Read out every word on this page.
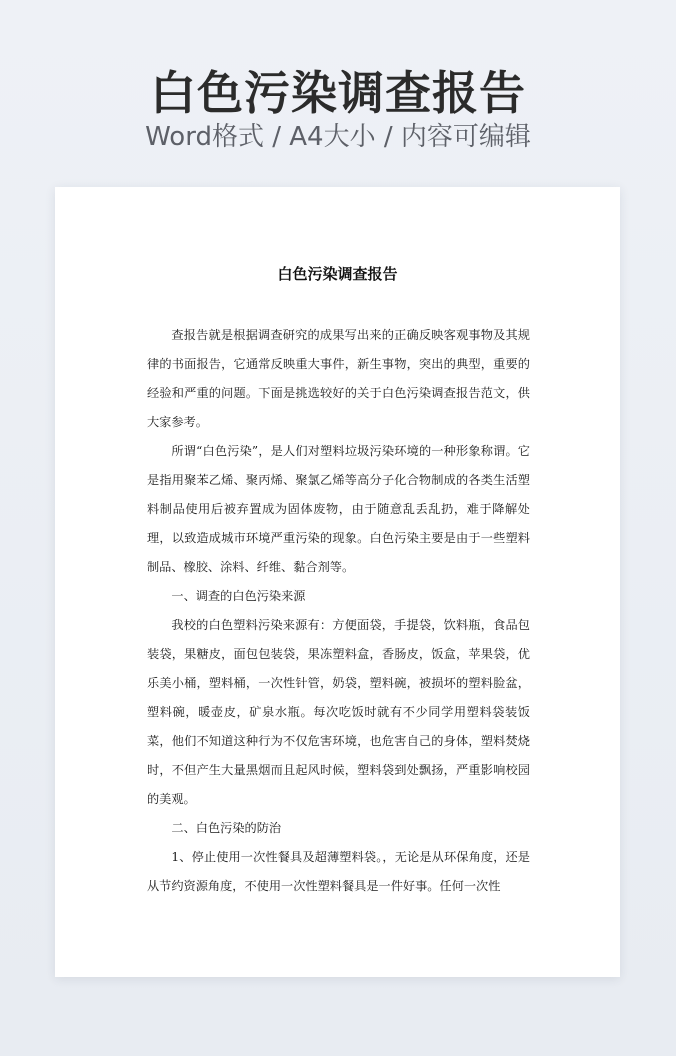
白色污染调查报告
Word格式 / A4大小 / 内容可编辑
白色污染调查报告

查报告就是根据调查研究的成果写出来的正确反映客观事物及其规律的书面报告，它通常反映重大事件，新生事物，突出的典型，重要的经验和严重的问题。下面是挑选较好的关于白色污染调查报告范文，供大家参考。

所谓“白色污染”，是人们对塑料垃圾污染环境的一种形象称谓。它是指用聚苯乙烯、聚丙烯、聚氯乙烯等高分子化合物制成的各类生活塑料制品使用后被弃置成为固体废物，由于随意乱丢乱扔，难于降解处理，以致造成城市环境严重污染的现象。白色污染主要是由于一些塑料制品、橡胶、涂料、纤维、黏合剂等。

一、调查的白色污染来源

我校的白色塑料污染来源有：方便面袋，手提袋，饮料瓶，食品包装袋，果糖皮，面包包装袋，果冻塑料盒，香肠皮，饭盒，苹果袋，优乐美小桶，塑料桶，一次性针管，奶袋，塑料碗，被损坏的塑料脸盆，塑料碗，暖壶皮，矿泉水瓶。每次吃饭时就有不少同学用塑料袋装饭菜，他们不知道这种行为不仅危害环境，也危害自己的身体，塑料焚烧时，不但产生大量黑烟而且起风时候，塑料袋到处飘扬，严重影响校园的美观。

二、白色污染的防治

1、停止使用一次性餐具及超薄塑料袋。，无论是从环保角度，还是从节约资源角度，不使用一次性塑料餐具是一件好事。任何一次性
